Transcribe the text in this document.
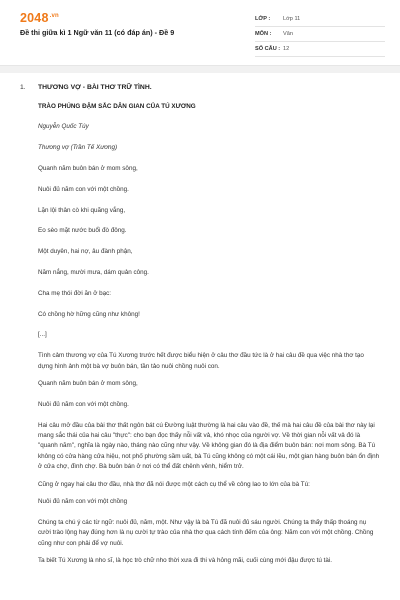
$2048^{.vn}$
Đề thi giữa kì 1 Ngữ văn 11 (có đáp án) - Đề 9
LỚP :	Lớp 11
MÔN :	Văn
SỐ CÂU : 12
1. THƯƠNG VỢ - BÀI THƠ TRỮ TÌNH.

TRÀO PHÚNG ĐẬM SẮC DÂN GIAN CỦA TÚ XƯƠNG

Nguyễn Quốc Túy

Thương vợ (Trần Tế Xương)

Quanh năm buôn bán ở mom sông,

Nuôi đủ năm con với một chồng.

Lặn lội thân cò khi quãng vắng,

Eo sèo mặt nước buổi đò đông.

Một duyên, hai nợ, âu đành phận,

Năm nắng, mười mưa, dám quản công.

Cha mẹ thói đời ăn ở bạc:

Có chồng hờ hững cũng như không!

[...]

Tình cảm thương vợ của Tú Xương trước hết được biểu hiện ở câu thơ đầu tức là ở hai câu đề qua việc nhà thơ tạo dựng hình ảnh một bà vợ buôn bán, tần tảo nuôi chồng nuôi con.

Quanh năm buôn bán ở mom sông,

Nuôi đủ năm con với một chồng.

Hai câu mở đầu của bài thơ thất ngôn bát cú Đường luật thường là hai câu vào đề, thế mà hai câu đề của bài thơ này lại mang sắc thái của hai câu "thực": cho bạn đọc thấy nỗi vất vả, khó nhọc của người vợ. Về thời gian nỗi vất vả đó là "quanh năm", nghĩa là ngày nào, tháng nào cũng như vậy. Về không gian đó là địa điểm buôn bán: nơi mom sông. Bà Tú không có cửa hàng cửa hiệu, not phố phường sầm uất, bà Tú cũng không có một cái lều, một gian hàng buôn bán ổn định ở cửa chợ, đình chợ. Bà buôn bán ở nơi có thể đất chênh vênh, hiểm trở.

Cũng ở ngay hai câu thơ đầu, nhà thơ đã nói được một cách cụ thể về công lao to lớn của bà Tú:

Nuôi đủ năm con với một chồng

Chúng ta chú ý các từ ngữ: nuôi đủ, năm, một. Như vậy là bà Tú đã nuôi đủ sáu người. Chúng ta thấy thấp thoáng nụ cười trào lộng hay đúng hơn là nụ cười tự trào của nhà thơ qua cách tính đếm của ông: Năm con với một chồng. Chồng cũng như con phải để vợ nuôi.

Ta biết Tú Xương là nho sĩ, là học trò chữ nho thời xưa đi thi và hỏng mãi, cuối cùng mới đậu được tú tài.
